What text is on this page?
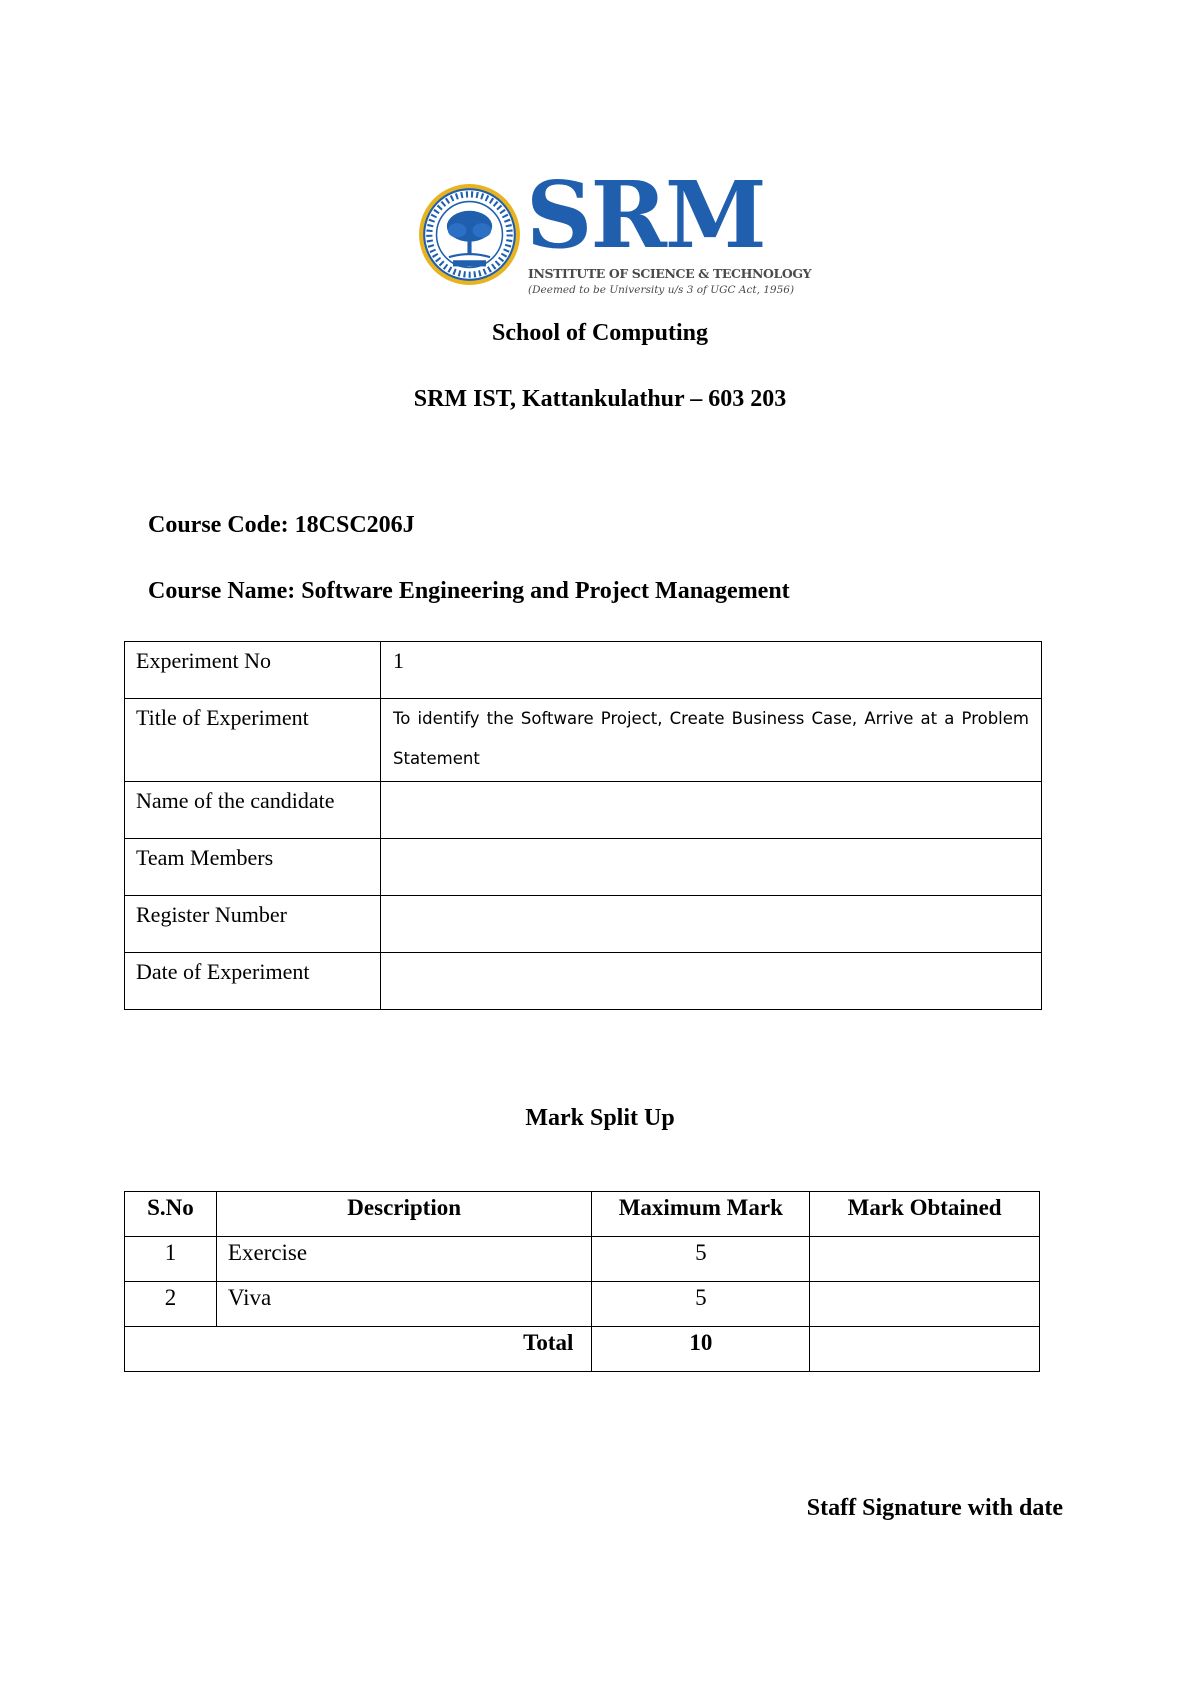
SRM
INSTITUTE OF SCIENCE & TECHNOLOGY
(Deemed to be University u/s 3 of UGC Act, 1956)
School of Computing
SRM IST, Kattankulathur – 603 203
Course Code: 18CSC206J
Course Name: Software Engineering and Project Management
Experiment No	1
Title of Experiment	To identify the Software Project, Create Business Case, Arrive at a Problem Statement
Name of the candidate	
Team Members	
Register Number	
Date of Experiment	
Mark Split Up
S.No	Description	Maximum Mark	Mark Obtained
1	Exercise	5	
2	Viva	5	
Total		10	
Staff Signature with date
